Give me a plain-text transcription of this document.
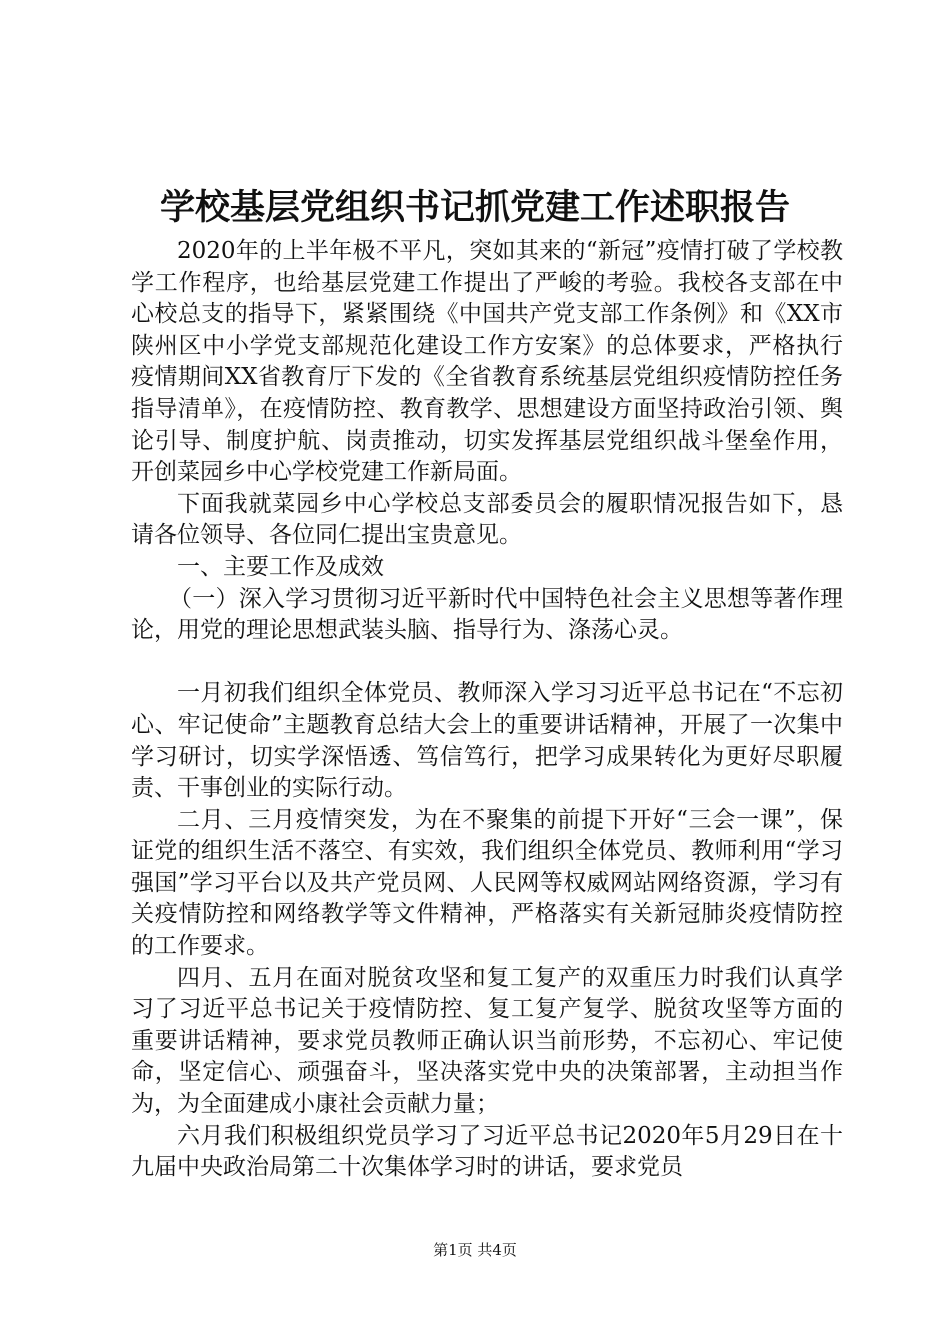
学校基层党组织书记抓党建工作述职报告

2020年的上半年极不平凡，突如其来的“新冠”疫情打破了学校教学工作程序，也给基层党建工作提出了严峻的考验。我校各支部在中心校总支的指导下，紧紧围绕《中国共产党支部工作条例》和《XX市陕州区中小学党支部规范化建设工作方安案》的总体要求，严格执行疫情期间XX省教育厅下发的《全省教育系统基层党组织疫情防控任务指导清单》，在疫情防控、教育教学、思想建设方面坚持政治引领、舆论引导、制度护航、岗责推动，切实发挥基层党组织战斗堡垒作用，开创菜园乡中心学校党建工作新局面。

下面我就菜园乡中心学校总支部委员会的履职情况报告如下，恳请各位领导、各位同仁提出宝贵意见。

一、主要工作及成效

（一）深入学习贯彻习近平新时代中国特色社会主义思想等著作理论，用党的理论思想武装头脑、指导行为、涤荡心灵。

一月初我们组织全体党员、教师深入学习习近平总书记在“不忘初心、牢记使命”主题教育总结大会上的重要讲话精神，开展了一次集中学习研讨，切实学深悟透、笃信笃行，把学习成果转化为更好尽职履责、干事创业的实际行动。

二月、三月疫情突发，为在不聚集的前提下开好“三会一课”，保证党的组织生活不落空、有实效，我们组织全体党员、教师利用“学习强国”学习平台以及共产党员网、人民网等权威网站网络资源，学习有关疫情防控和网络教学等文件精神，严格落实有关新冠肺炎疫情防控的工作要求。

四月、五月在面对脱贫攻坚和复工复产的双重压力时我们认真学习了习近平总书记关于疫情防控、复工复产复学、脱贫攻坚等方面的重要讲话精神，要求党员教师正确认识当前形势，不忘初心、牢记使命，坚定信心、顽强奋斗，坚决落实党中央的决策部署，主动担当作为，为全面建成小康社会贡献力量；

六月我们积极组织党员学习了习近平总书记2020年5月29日在十九届中央政治局第二十次集体学习时的讲话，要求党员

第1页 共4页
